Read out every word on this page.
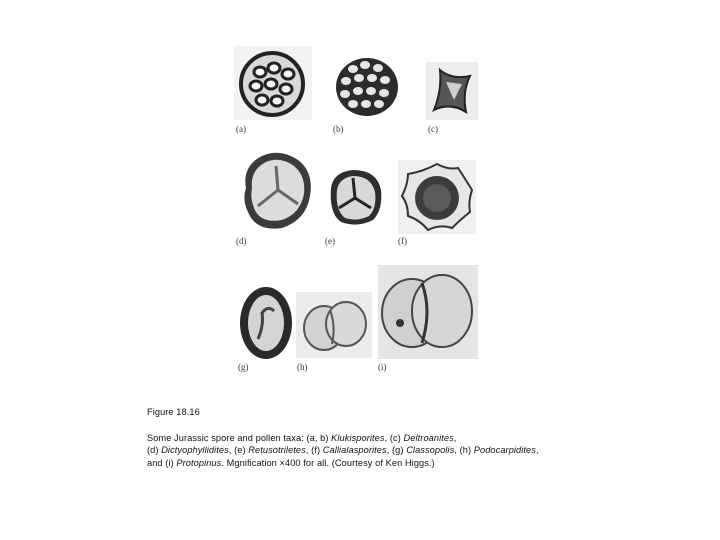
(a)	(b)	(c)
(d)	(e)	(f)
(g)	(h)	(i)
Figure 18.16
Some Jurassic spore and pollen taxa: (a, b) Klukisporites, (c) Deltroanites,
(d) Dictyophyllidites, (e) Retusotriletes, (f) Callialasporites, (g) Classopolis, (h) Podocarpidites,
and (i) Protopinus. Mgnification ×400 for all. (Courtesy of Ken Higgs.)
